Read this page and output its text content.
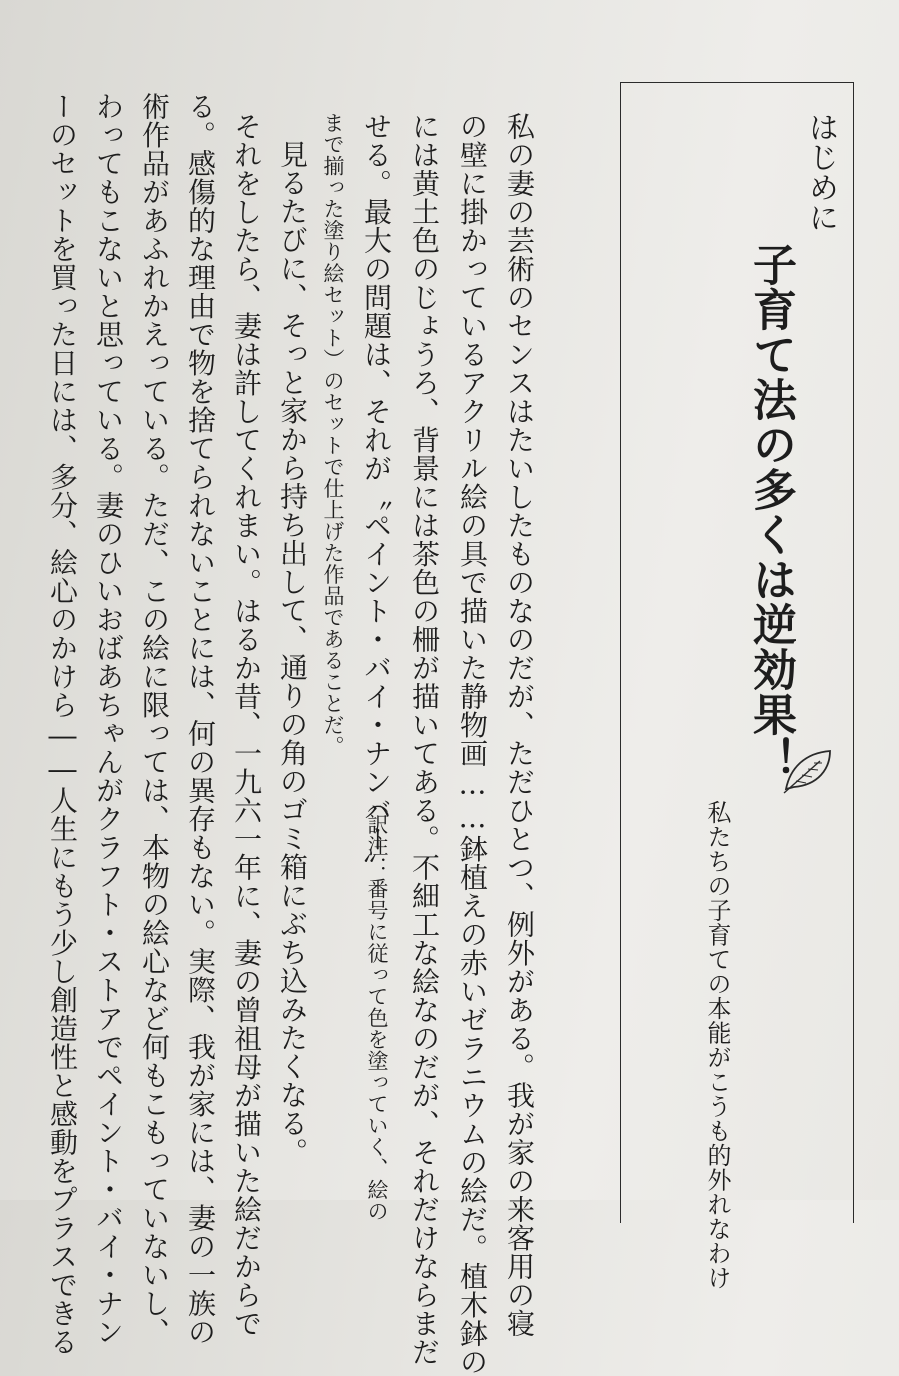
はじめに
子育て法の多くは逆効果！
私たちの子育ての本能がこうも的外れなわけ
私の妻の芸術のセンスはたいしたものなのだが、ただひとつ、例外がある。我が家の来客用の寝
の壁に掛かっているアクリル絵の具で描いた静物画……鉢植えの赤いゼラニウムの絵だ。植木鉢の
には黄土色のじょうろ、背景には茶色の柵が描いてある。不細工な絵なのだが、それだけならまだ
せる。最大の問題は、それが〝ペイント・バイ・ナンバー〟
（訳注：番号に従って色を塗っていく、絵の
まで揃った塗り絵セット）のセットで仕上げた作品であることだ。
見るたびに、そっと家から持ち出して、通りの角のゴミ箱にぶち込みたくなる。
それをしたら、妻は許してくれまい。はるか昔、一九六一年に、妻の曾祖母が描いた絵だからで
る。感傷的な理由で物を捨てられないことには、何の異存もない。実際、我が家には、妻の一族の
術作品があふれかえっている。ただ、この絵に限っては、本物の絵心など何もこもっていないし、
わってもこないと思っている。妻のひいおばあちゃんがクラフト・ストアでペイント・バイ・ナン
ーのセットを買った日には、多分、絵心のかけら――人生にもう少し創造性と感動をプラスできる
